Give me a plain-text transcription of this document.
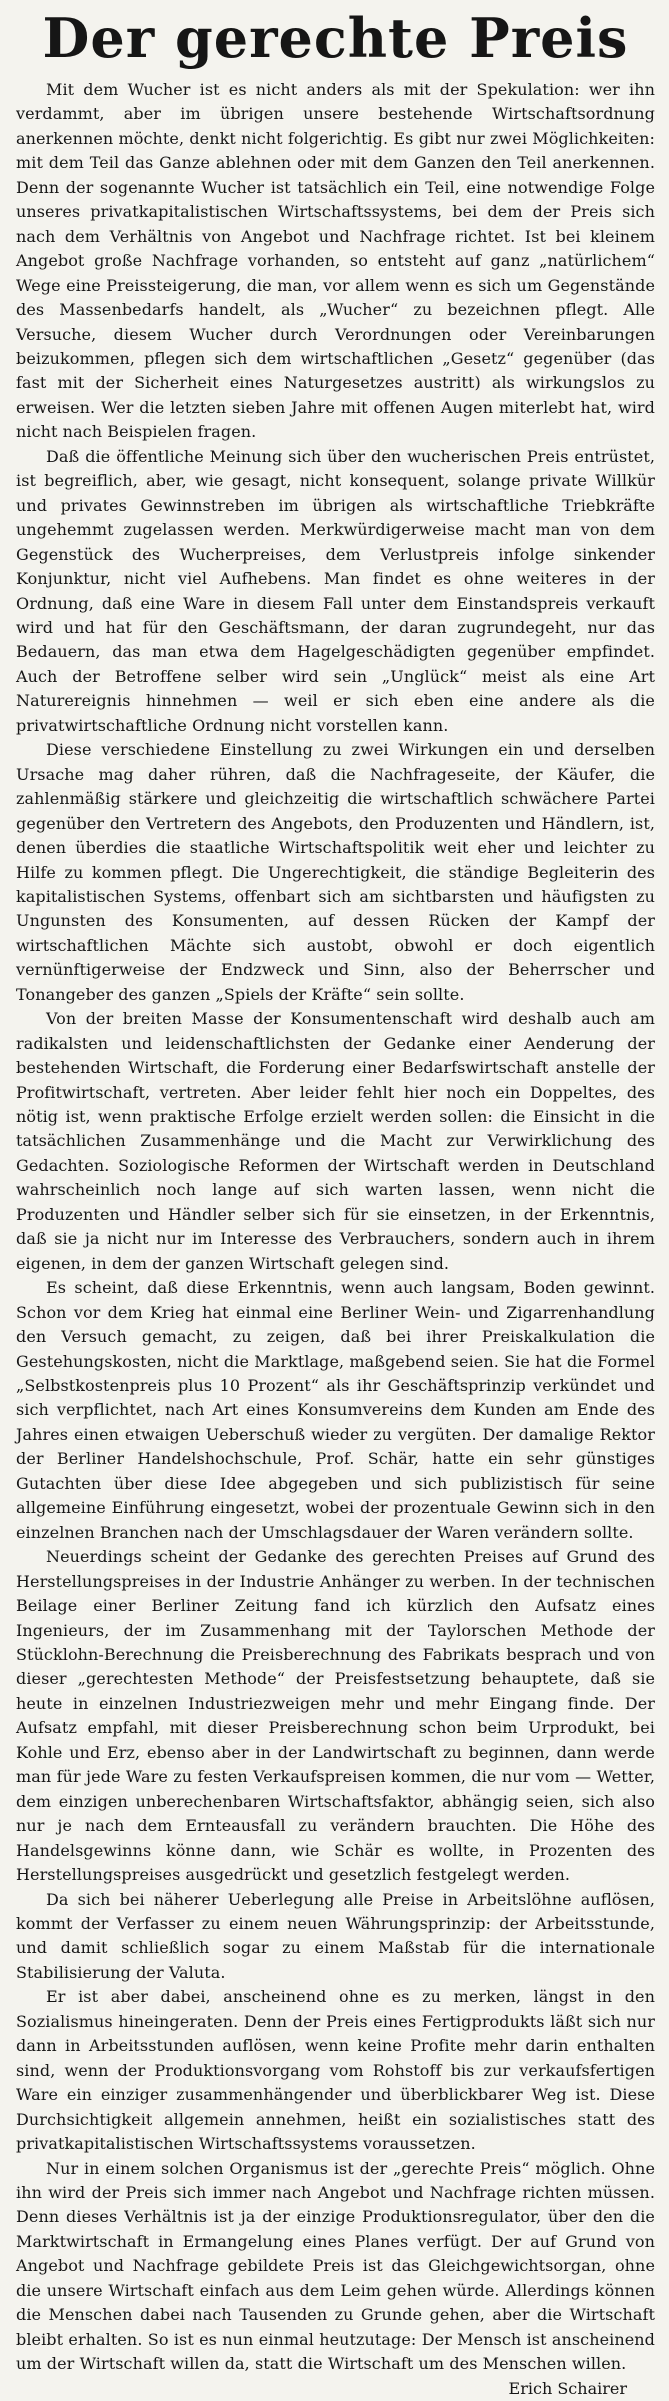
Der gerechte Preis

Mit dem Wucher ist es nicht anders als mit der Spekulation: wer ihn verdammt, aber im übrigen unsere bestehende Wirtschaftsordnung anerkennen möchte, denkt nicht folgerichtig. Es gibt nur zwei Möglichkeiten: mit dem Teil das Ganze ablehnen oder mit dem Ganzen den Teil anerkennen. Denn der sogenannte Wucher ist tatsächlich ein Teil, eine notwendige Folge unseres privatkapitalistischen Wirtschaftssystems, bei dem der Preis sich nach dem Verhältnis von Angebot und Nachfrage richtet. Ist bei kleinem Angebot große Nachfrage vorhanden, so entsteht auf ganz „natürlichem“ Wege eine Preissteigerung, die man, vor allem wenn es sich um Gegenstände des Massenbedarfs handelt, als „Wucher“ zu bezeichnen pflegt. Alle Versuche, diesem Wucher durch Verordnungen oder Vereinbarungen beizukommen, pflegen sich dem wirtschaftlichen „Gesetz“ gegenüber (das fast mit der Sicherheit eines Naturgesetzes austritt) als wirkungslos zu erweisen. Wer die letzten sieben Jahre mit offenen Augen miterlebt hat, wird nicht nach Beispielen fragen.

Daß die öffentliche Meinung sich über den wucherischen Preis entrüstet, ist begreiflich, aber, wie gesagt, nicht konsequent, solange private Willkür und privates Gewinnstreben im übrigen als wirtschaftliche Triebkräfte ungehemmt zugelassen werden. Merkwürdigerweise macht man von dem Gegenstück des Wucherpreises, dem Verlustpreis infolge sinkender Konjunktur, nicht viel Aufhebens. Man findet es ohne weiteres in der Ordnung, daß eine Ware in diesem Fall unter dem Einstandspreis verkauft wird und hat für den Geschäftsmann, der daran zugrundegeht, nur das Bedauern, das man etwa dem Hagelgeschädigten gegenüber empfindet. Auch der Betroffene selber wird sein „Unglück“ meist als eine Art Naturereignis hinnehmen — weil er sich eben eine andere als die privatwirtschaftliche Ordnung nicht vorstellen kann.

Diese verschiedene Einstellung zu zwei Wirkungen ein und derselben Ursache mag daher rühren, daß die Nachfrageseite, der Käufer, die zahlenmäßig stärkere und gleichzeitig die wirtschaftlich schwächere Partei gegenüber den Vertretern des Angebots, den Produzenten und Händlern, ist, denen überdies die staatliche Wirtschaftspolitik weit eher und leichter zu Hilfe zu kommen pflegt. Die Ungerechtigkeit, die ständige Begleiterin des kapitalistischen Systems, offenbart sich am sichtbarsten und häufigsten zu Ungunsten des Konsumenten, auf dessen Rücken der Kampf der wirtschaftlichen Mächte sich austobt, obwohl er doch eigentlich vernünftigerweise der Endzweck und Sinn, also der Beherrscher und Tonangeber des ganzen „Spiels der Kräfte“ sein sollte.

Von der breiten Masse der Konsumentenschaft wird deshalb auch am radikalsten und leidenschaftlichsten der Gedanke einer Aenderung der bestehenden Wirtschaft, die Forderung einer Bedarfswirtschaft anstelle der Profitwirtschaft, vertreten. Aber leider fehlt hier noch ein Doppeltes, des nötig ist, wenn praktische Erfolge erzielt werden sollen: die Einsicht in die tatsächlichen Zusammenhänge und die Macht zur Verwirklichung des Gedachten. Soziologische Reformen der Wirtschaft werden in Deutschland wahrscheinlich noch lange auf sich warten lassen, wenn nicht die Produzenten und Händler selber sich für sie einsetzen, in der Erkenntnis, daß sie ja nicht nur im Interesse des Verbrauchers, sondern auch in ihrem eigenen, in dem der ganzen Wirtschaft gelegen sind.

Es scheint, daß diese Erkenntnis, wenn auch langsam, Boden gewinnt. Schon vor dem Krieg hat einmal eine Berliner Wein- und Zigarrenhandlung den Versuch gemacht, zu zeigen, daß bei ihrer Preiskalkulation die Gestehungskosten, nicht die Marktlage, maßgebend seien. Sie hat die Formel „Selbstkostenpreis plus 10 Prozent“ als ihr Geschäftsprinzip verkündet und sich verpflichtet, nach Art eines Konsumvereins dem Kunden am Ende des Jahres einen etwaigen Ueberschuß wieder zu vergüten. Der damalige Rektor der Berliner Handelshochschule, Prof. Schär, hatte ein sehr günstiges Gutachten über diese Idee abgegeben und sich publizistisch für seine allgemeine Einführung eingesetzt, wobei der prozentuale Gewinn sich in den einzelnen Branchen nach der Umschlagsdauer der Waren verändern sollte.

Neuerdings scheint der Gedanke des gerechten Preises auf Grund des Herstellungspreises in der Industrie Anhänger zu werben. In der technischen Beilage einer Berliner Zeitung fand ich kürzlich den Aufsatz eines Ingenieurs, der im Zusammenhang mit der Taylorschen Methode der Stücklohn-Berechnung die Preisberechnung des Fabrikats besprach und von dieser „gerechtesten Methode“ der Preisfestsetzung behauptete, daß sie heute in einzelnen Industriezweigen mehr und mehr Eingang finde. Der Aufsatz empfahl, mit dieser Preisberechnung schon beim Urprodukt, bei Kohle und Erz, ebenso aber in der Landwirtschaft zu beginnen, dann werde man für jede Ware zu festen Verkaufspreisen kommen, die nur vom — Wetter, dem einzigen unberechenbaren Wirtschaftsfaktor, abhängig seien, sich also nur je nach dem Ernteausfall zu verändern brauchten. Die Höhe des Handelsgewinns könne dann, wie Schär es wollte, in Prozenten des Herstellungspreises ausgedrückt und gesetzlich festgelegt werden.

Da sich bei näherer Ueberlegung alle Preise in Arbeitslöhne auflösen, kommt der Verfasser zu einem neuen Währungsprinzip: der Arbeitsstunde, und damit schließlich sogar zu einem Maßstab für die internationale Stabilisierung der Valuta.

Er ist aber dabei, anscheinend ohne es zu merken, längst in den Sozialismus hineingeraten. Denn der Preis eines Fertigprodukts läßt sich nur dann in Arbeitsstunden auflösen, wenn keine Profite mehr darin enthalten sind, wenn der Produktionsvorgang vom Rohstoff bis zur verkaufsfertigen Ware ein einziger zusammenhängender und überblickbarer Weg ist. Diese Durchsichtigkeit allgemein annehmen, heißt ein sozialistisches statt des privatkapitalistischen Wirtschaftssystems voraussetzen.

Nur in einem solchen Organismus ist der „gerechte Preis“ möglich. Ohne ihn wird der Preis sich immer nach Angebot und Nachfrage richten müssen. Denn dieses Verhältnis ist ja der einzige Produktionsregulator, über den die Marktwirtschaft in Ermangelung eines Planes verfügt. Der auf Grund von Angebot und Nachfrage gebildete Preis ist das Gleichgewichtsorgan, ohne die unsere Wirtschaft einfach aus dem Leim gehen würde. Allerdings können die Menschen dabei nach Tausenden zu Grunde gehen, aber die Wirtschaft bleibt erhalten. So ist es nun einmal heutzutage: Der Mensch ist anscheinend um der Wirtschaft willen da, statt die Wirtschaft um des Menschen willen.

Erich Schairer
